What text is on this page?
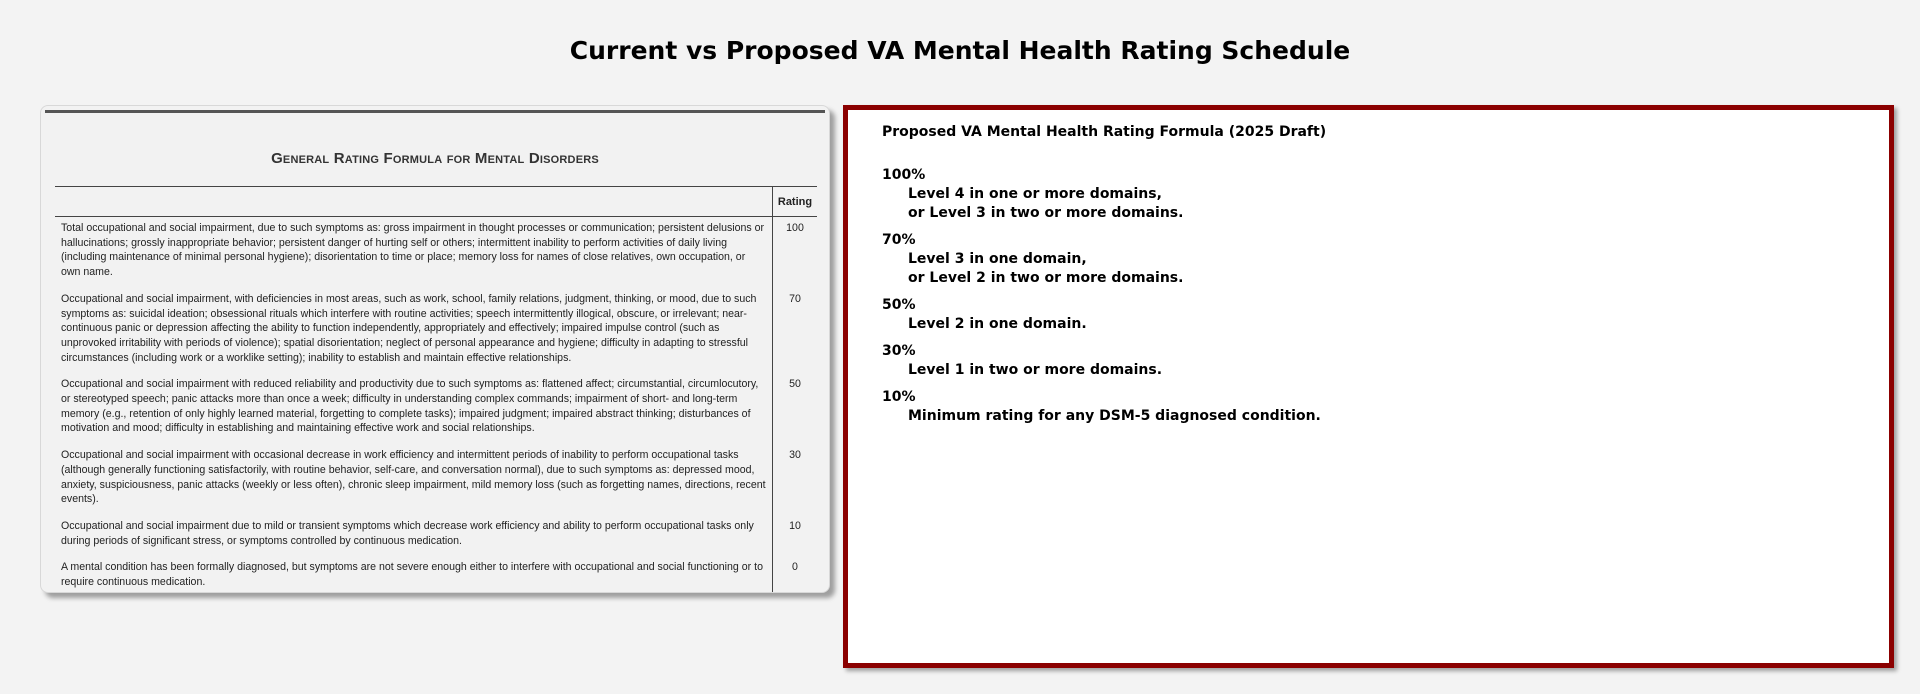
Current vs Proposed VA Mental Health Rating Schedule
General Rating Formula for Mental Disorders
	Rating
Total occupational and social impairment, due to such symptoms as: gross impairment in thought processes or communication; persistent delusions or hallucinations; grossly inappropriate behavior; persistent danger of hurting self or others; intermittent inability to perform activities of daily living (including maintenance of minimal personal hygiene); disorientation to time or place; memory loss for names of close relatives, own occupation, or own name.	100
Occupational and social impairment, with deficiencies in most areas, such as work, school, family relations, judgment, thinking, or mood, due to such symptoms as: suicidal ideation; obsessional rituals which interfere with routine activities; speech intermittently illogical, obscure, or irrelevant; near-continuous panic or depression affecting the ability to function independently, appropriately and effectively; impaired impulse control (such as unprovoked irritability with periods of violence); spatial disorientation; neglect of personal appearance and hygiene; difficulty in adapting to stressful circumstances (including work or a worklike setting); inability to establish and maintain effective relationships.	70
Occupational and social impairment with reduced reliability and productivity due to such symptoms as: flattened affect; circumstantial, circumlocutory, or stereotyped speech; panic attacks more than once a week; difficulty in understanding complex commands; impairment of short- and long-term memory (e.g., retention of only highly learned material, forgetting to complete tasks); impaired judgment; impaired abstract thinking; disturbances of motivation and mood; difficulty in establishing and maintaining effective work and social relationships.	50
Occupational and social impairment with occasional decrease in work efficiency and intermittent periods of inability to perform occupational tasks (although generally functioning satisfactorily, with routine behavior, self-care, and conversation normal), due to such symptoms as: depressed mood, anxiety, suspiciousness, panic attacks (weekly or less often), chronic sleep impairment, mild memory loss (such as forgetting names, directions, recent events).	30
Occupational and social impairment due to mild or transient symptoms which decrease work efficiency and ability to perform occupational tasks only during periods of significant stress, or symptoms controlled by continuous medication.	10
A mental condition has been formally diagnosed, but symptoms are not severe enough either to interfere with occupational and social functioning or to require continuous medication.	0
Proposed VA Mental Health Rating Formula (2025 Draft)
100%
Level 4 in one or more domains,
or Level 3 in two or more domains.
70%
Level 3 in one domain,
or Level 2 in two or more domains.
50%
Level 2 in one domain.
30%
Level 1 in two or more domains.
10%
Minimum rating for any DSM-5 diagnosed condition.
